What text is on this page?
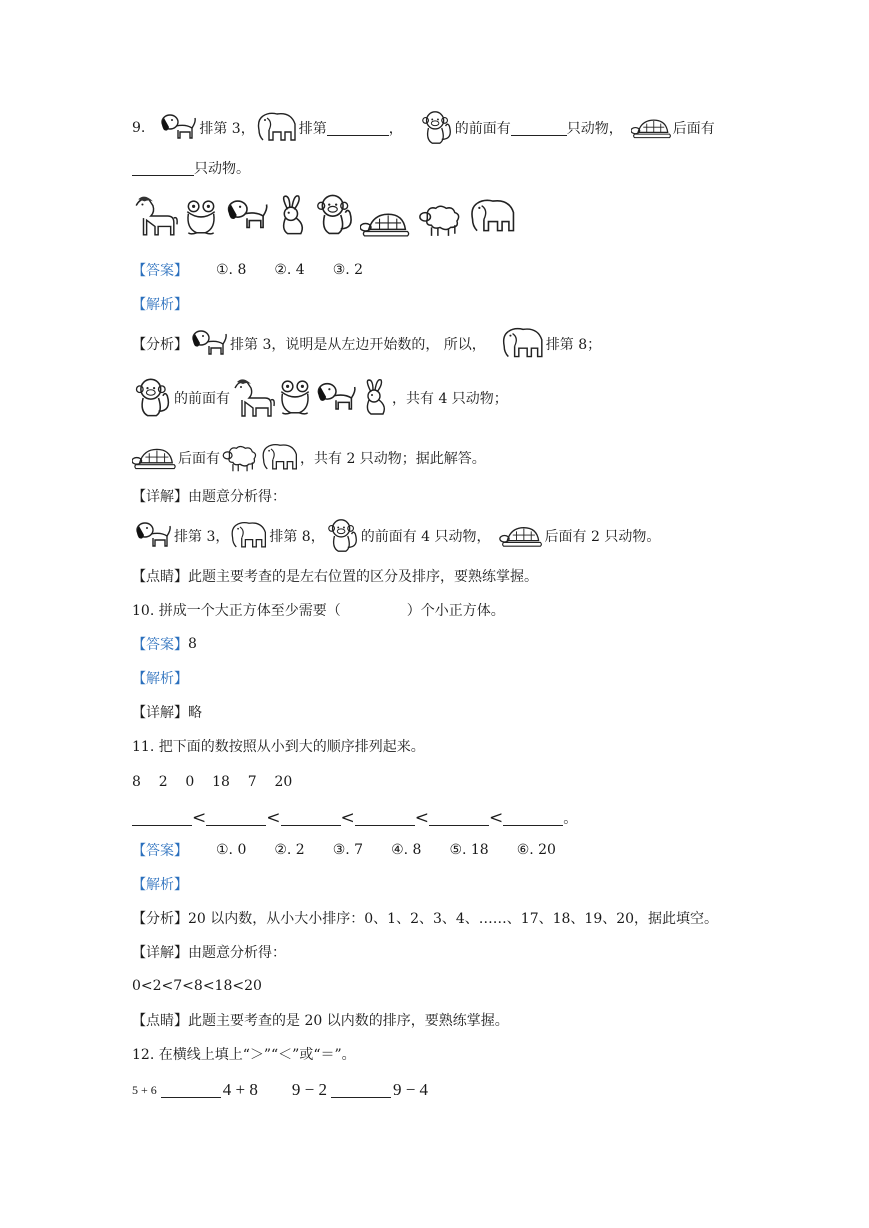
9.	排第 3，	排第	，	的前面有	只动物，	后面有
只动物。
【答案】 ①. 8 ②. 4 ③. 2
【解析】
【分析】	排第 3，说明是从左边开始数的， 所以，	排第 8；
的前面有	，共有 4 只动物；
后面有	，共有 2 只动物；据此解答。
【详解】 由题意分析得：
排第 3，	排第 8，	的前面有 4 只动物，	后面有 2 只动物。
【点睛】 此题主要考查的是左右位置的区分及排序，要熟练掌握。
10. 拼成一个大正方体至少需要（	）个小正方体。
【答案】 8
【解析】
【详解】 略
11. 把下面的数按照从小到大的顺序排列起来。
8    2    0    18    7    20
<	<	<	<	<	。
【答案】 ①. 0 ②. 2 ③. 7 ④. 8 ⑤. 18 ⑥. 20
【解析】
【分析】 20 以内数，从小大小排序：0、1、2、3、4、……、17、18、19、20，据此填空。
【详解】 由题意分析得：
0<2<7<8<18<20
【点睛】 此题主要考查的是 20 以内数的排序，要熟练掌握。
12. 在横线上填上“＞”“＜”或“＝”。
5 + 6	4 + 8 9 − 2	9 − 4
